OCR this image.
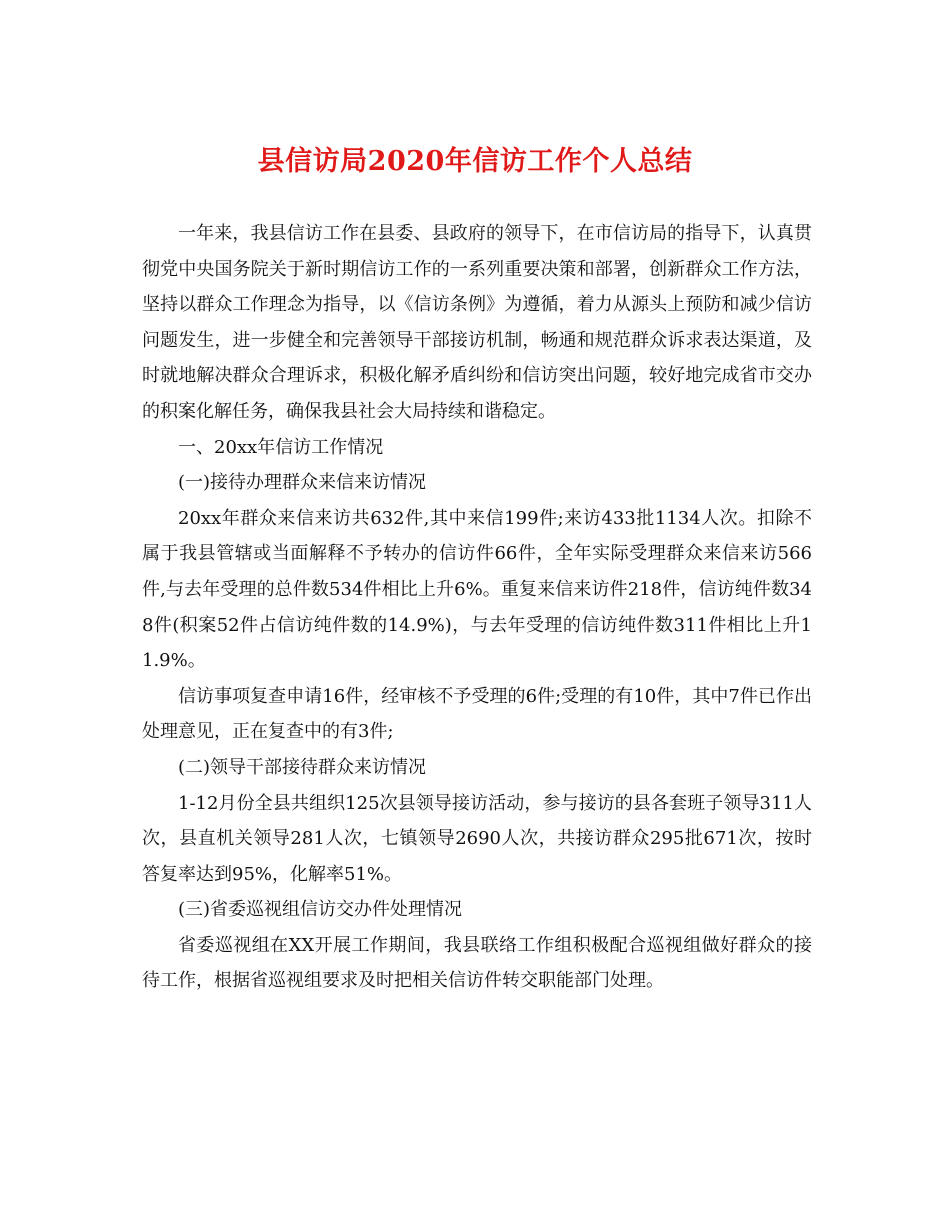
县信访局2020年信访工作个人总结

一年来，我县信访工作在县委、县政府的领导下，在市信访局的指导下，认真贯彻党中央国务院关于新时期信访工作的一系列重要决策和部署，创新群众工作方法，坚持以群众工作理念为指导，以《信访条例》为遵循，着力从源头上预防和减少信访问题发生，进一步健全和完善领导干部接访机制，畅通和规范群众诉求表达渠道，及时就地解决群众合理诉求，积极化解矛盾纠纷和信访突出问题，较好地完成省市交办的积案化解任务，确保我县社会大局持续和谐稳定。

一、20xx年信访工作情况

(一)接待办理群众来信来访情况

20xx年群众来信来访共632件,其中来信199件;来访433批1134人次。扣除不属于我县管辖或当面解释不予转办的信访件66件，全年实际受理群众来信来访566件,与去年受理的总件数534件相比上升6%。重复来信来访件218件，信访纯件数348件(积案52件占信访纯件数的14.9%)，与去年受理的信访纯件数311件相比上升11.9%。

信访事项复查申请16件，经审核不予受理的6件;受理的有10件，其中7件已作出处理意见，正在复查中的有3件;

(二)领导干部接待群众来访情况

1-12月份全县共组织125次县领导接访活动，参与接访的县各套班子领导311人次，县直机关领导281人次，七镇领导2690人次，共接访群众295批671次，按时答复率达到95%，化解率51%。

(三)省委巡视组信访交办件处理情况

省委巡视组在XX开展工作期间，我县联络工作组积极配合巡视组做好群众的接待工作，根据省巡视组要求及时把相关信访件转交职能部门处理。
